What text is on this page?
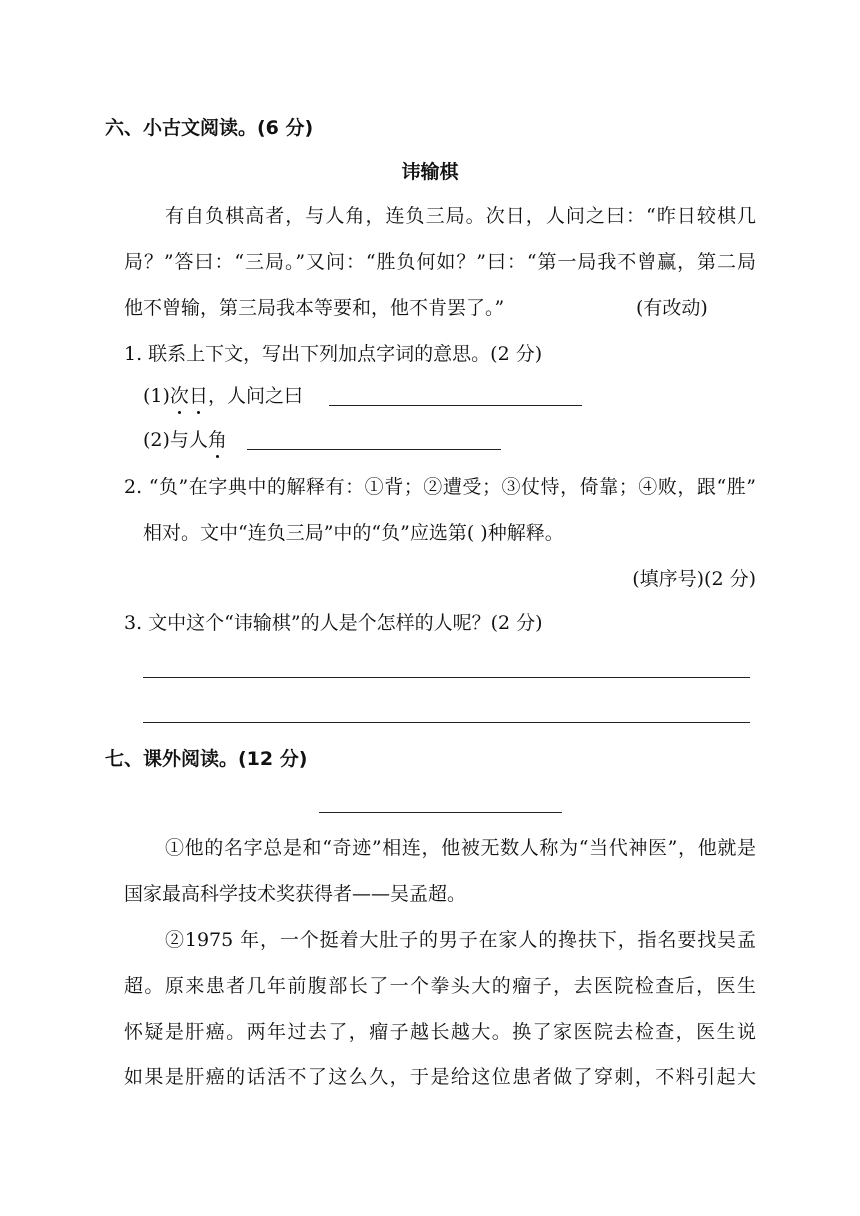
六、小古文阅读。(6 分)
讳输棋
有自负棋高者，与人角，连负三局。次日，人问之曰：“昨日较棋几
局？”答曰：“三局。”又问：“胜负何如？”曰：“第一局我不曾赢，第二局
他不曾输，第三局我本等要和，他不肯罢了。”	(有改动)
1. 联系上下文，写出下列加点字词的意思。(2 分)
(1)次日，人问之曰
(2)与人角
2. “负”在字典中的解释有：①背；②遭受；③仗恃，倚靠；④败，跟“胜”
相对。文中“连负三局”中的“负”应选第( )种解释。
(填序号)(2 分)
3. 文中这个“讳输棋”的人是个怎样的人呢？(2 分)
七、课外阅读。(12 分)
①他的名字总是和“奇迹”相连，他被无数人称为“当代神医”，他就是
国家最高科学技术奖获得者——吴孟超。
②1975 年，一个挺着大肚子的男子在家人的搀扶下，指名要找吴孟
超。原来患者几年前腹部长了一个拳头大的瘤子，去医院检查后，医生
怀疑是肝癌。两年过去了，瘤子越长越大。换了家医院去检查，医生说
如果是肝癌的话活不了这么久，于是给这位患者做了穿刺，不料引起大
